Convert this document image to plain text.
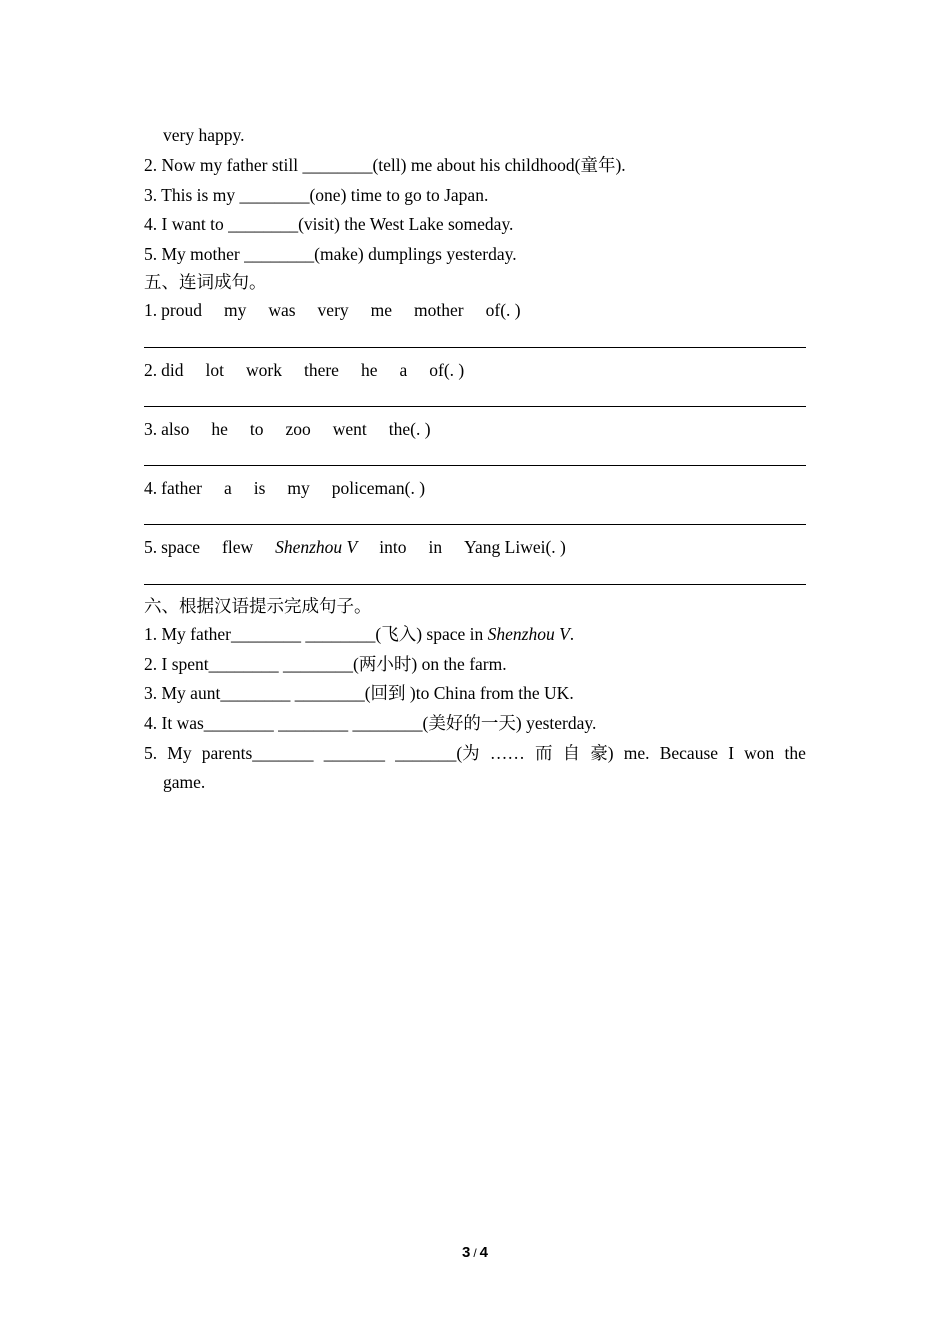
very happy.
2. Now my father still ________(tell) me about his childhood(童年).
3. This is my ________(one) time to go to Japan.
4. I want to ________(visit) the West Lake someday.
5. My mother ________(make) dumplings yesterday.
五、连词成句。
1. proud my was very me mother of(. )
2. did lot work there he a of(. )
3. also he to zoo went the(. )
4. father a is my policeman(. )
5. space flew Shenzhou V into in Yang Liwei(. )
六、根据汉语提示完成句子。
1. My father________ ________(飞入) space in Shenzhou V.
2. I spent________ ________(两小时) on the farm.
3. My aunt________ ________(回到 )to China from the UK.
4. It was________ ________ ________(美好的一天) yesterday.
5. My parents_______ _______ _______(为 …… 而 自 豪) me. Because I won the
game.
3 / 4
